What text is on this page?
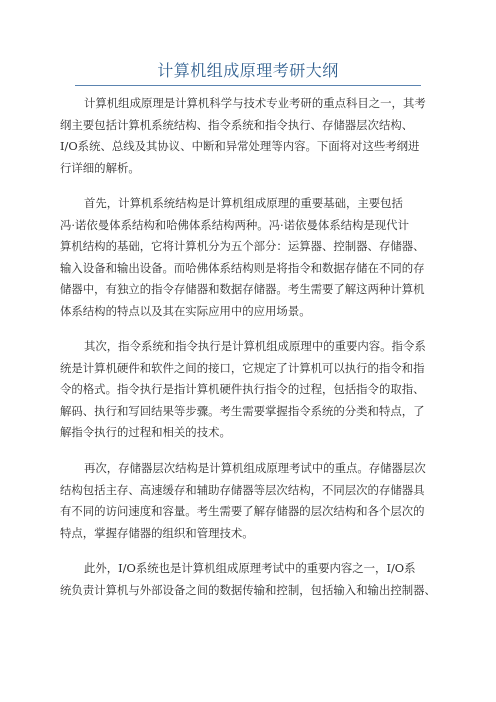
计算机组成原理考研大纲
计算机组成原理是计算机科学与技术专业考研的重点科目之一，其考
纲主要包括计算机系统结构、指令系统和指令执行、存储器层次结构、
I/O系统、总线及其协议、中断和异常处理等内容。下面将对这些考纲进
行详细的解析。
首先，计算机系统结构是计算机组成原理的重要基础，主要包括
冯·诺依曼体系结构和哈佛体系结构两种。冯·诺依曼体系结构是现代计
算机结构的基础，它将计算机分为五个部分：运算器、控制器、存储器、
输入设备和输出设备。而哈佛体系结构则是将指令和数据存储在不同的存
储器中，有独立的指令存储器和数据存储器。考生需要了解这两种计算机
体系结构的特点以及其在实际应用中的应用场景。
其次，指令系统和指令执行是计算机组成原理中的重要内容。指令系
统是计算机硬件和软件之间的接口，它规定了计算机可以执行的指令和指
令的格式。指令执行是指计算机硬件执行指令的过程，包括指令的取指、
解码、执行和写回结果等步骤。考生需要掌握指令系统的分类和特点，了
解指令执行的过程和相关的技术。
再次，存储器层次结构是计算机组成原理考试中的重点。存储器层次
结构包括主存、高速缓存和辅助存储器等层次结构，不同层次的存储器具
有不同的访问速度和容量。考生需要了解存储器的层次结构和各个层次的
特点，掌握存储器的组织和管理技术。
此外，I/O系统也是计算机组成原理考试中的重要内容之一，I/O系
统负责计算机与外部设备之间的数据传输和控制，包括输入和输出控制器、
